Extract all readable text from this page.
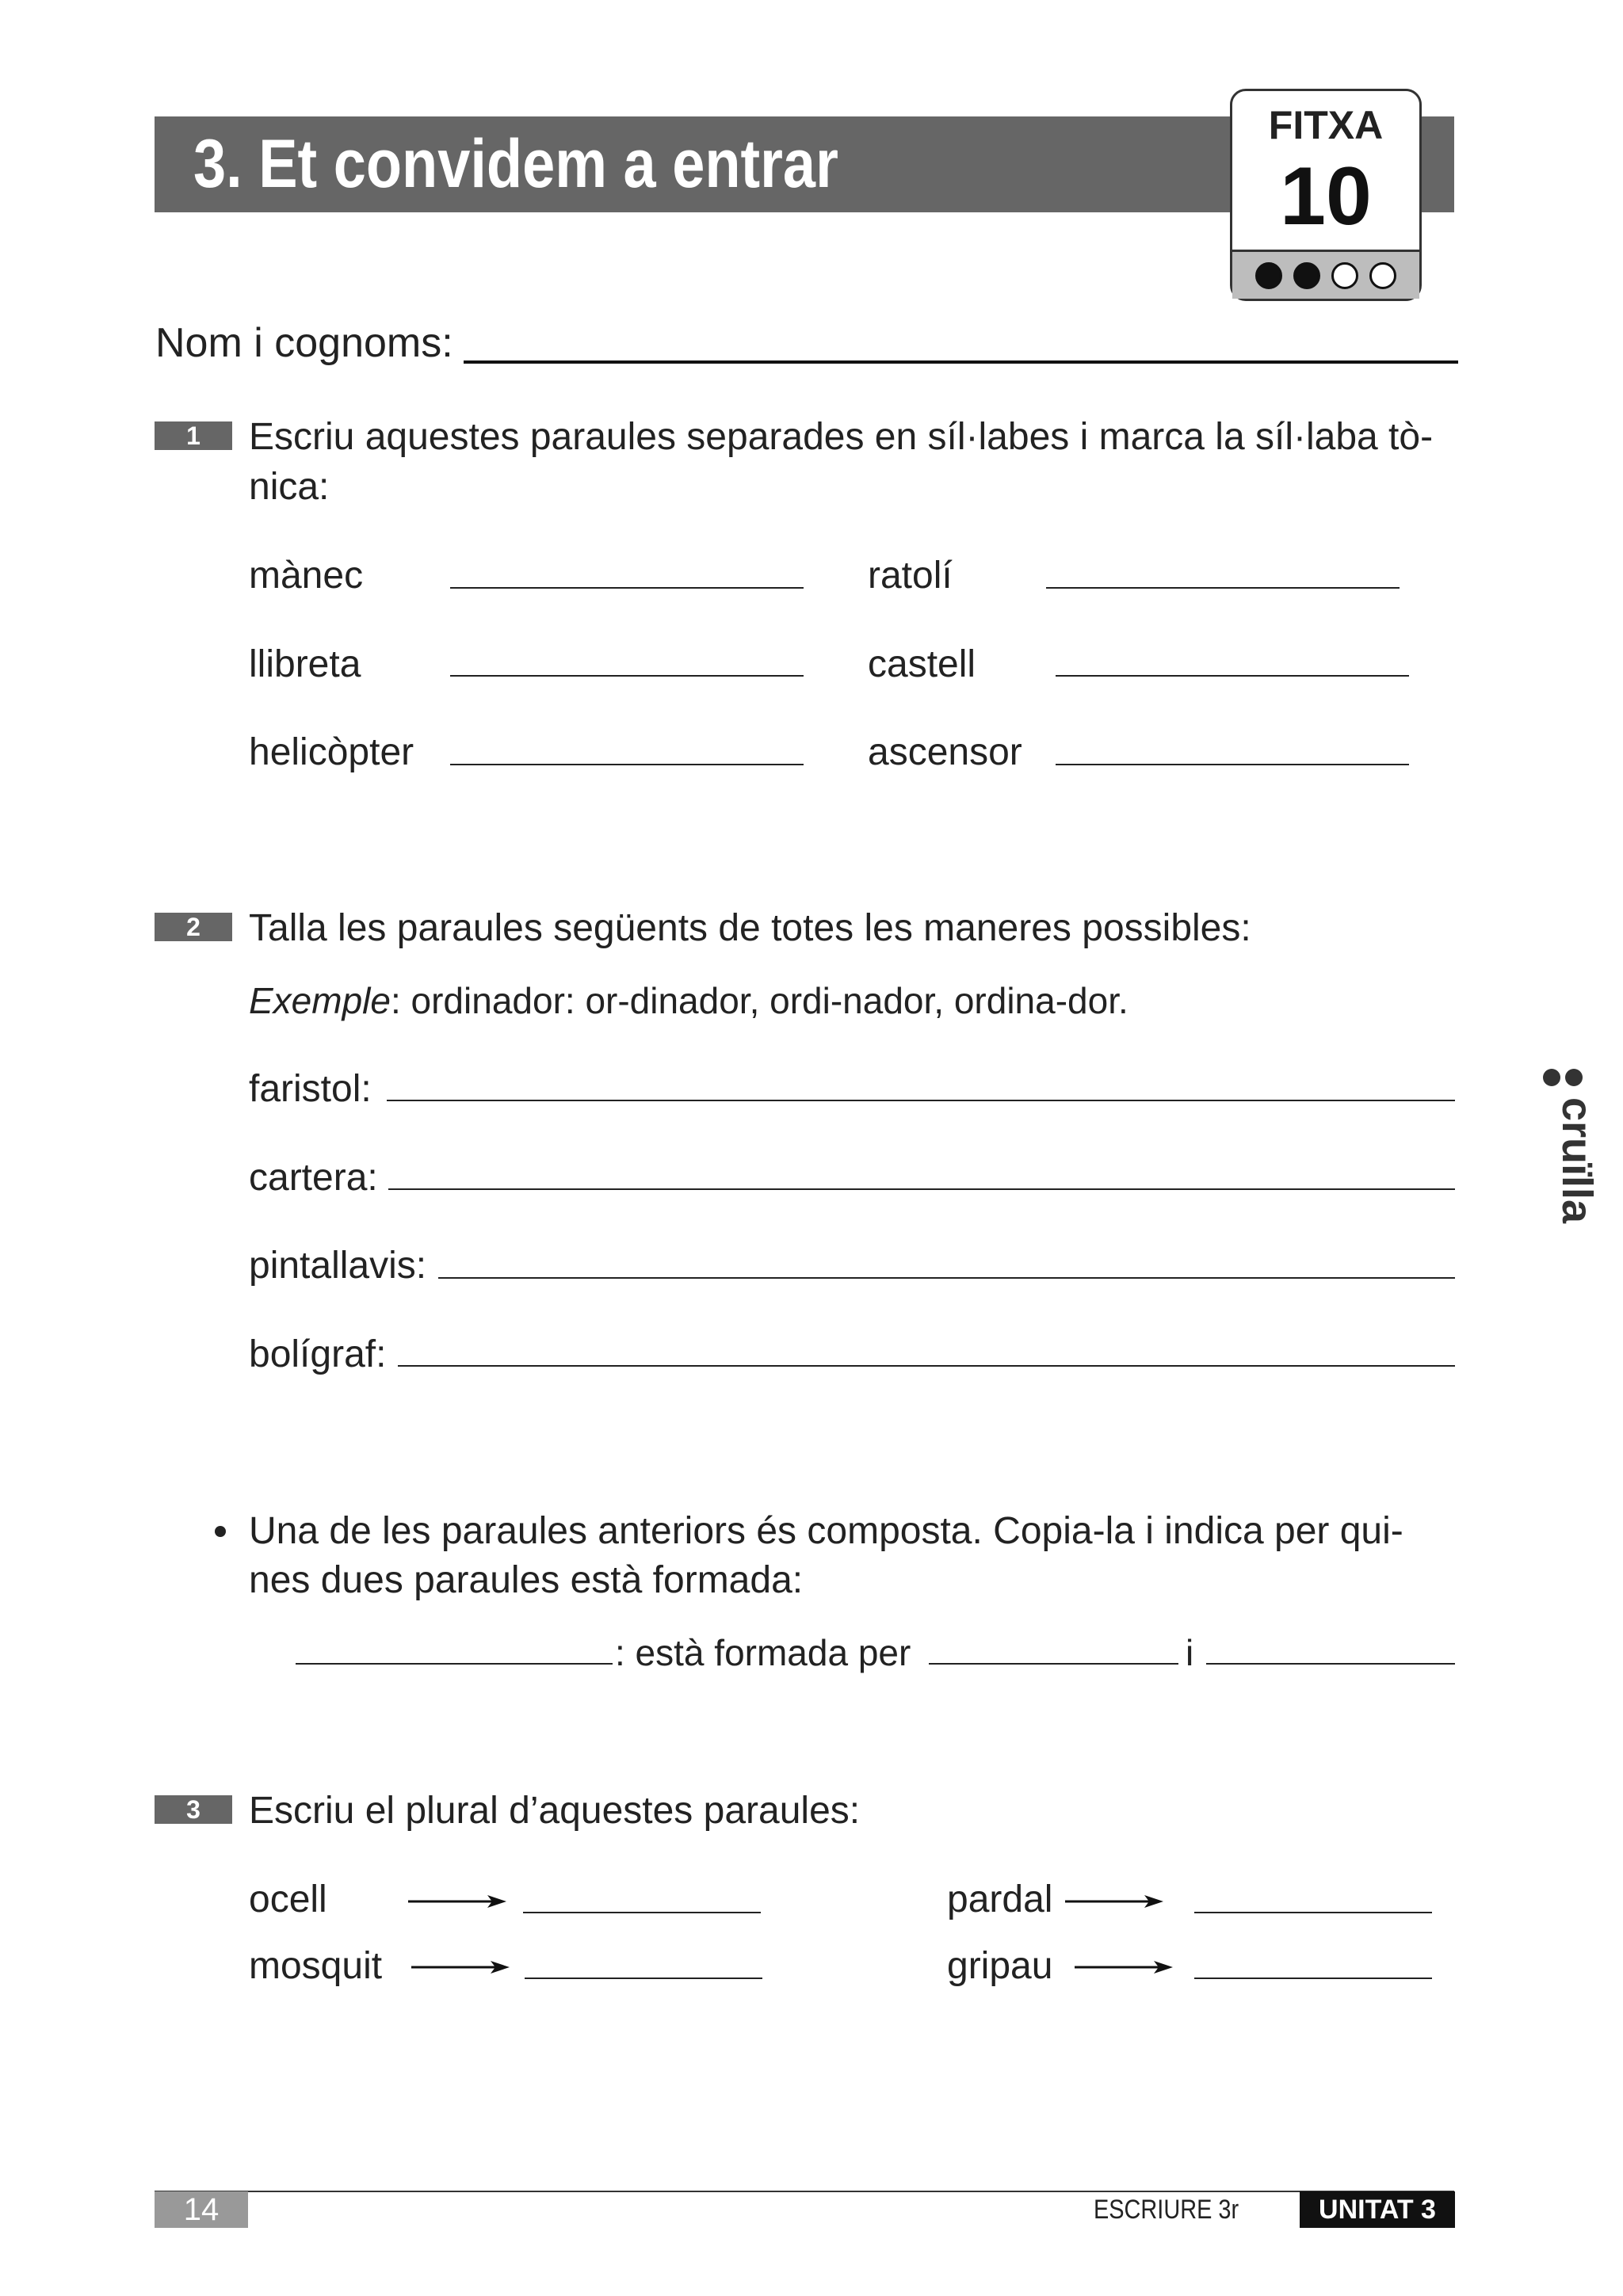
3. Et convidem a entrar
FITXA
10
Nom i cognoms:
1	Escriu aquestes paraules separades en síl·labes i marca la síl·laba tò-
nica:
mànec	ratolí
llibreta	castell
helicòpter	ascensor
2	Talla les paraules següents de totes les maneres possibles:
Exemple: ordinador: or-dinador, ordi-nador, ordina-dor.
faristol:
cartera:
pintallavis:
bolígraf:
Una de les paraules anteriors és composta. Copia-la i indica per qui-
nes dues paraules està formada:
: està formada per	i
3	Escriu el plural d’aquestes paraules:
ocell	pardal
mosquit	gripau
cruïlla
14	ESCRIURE 3r	UNITAT 3
